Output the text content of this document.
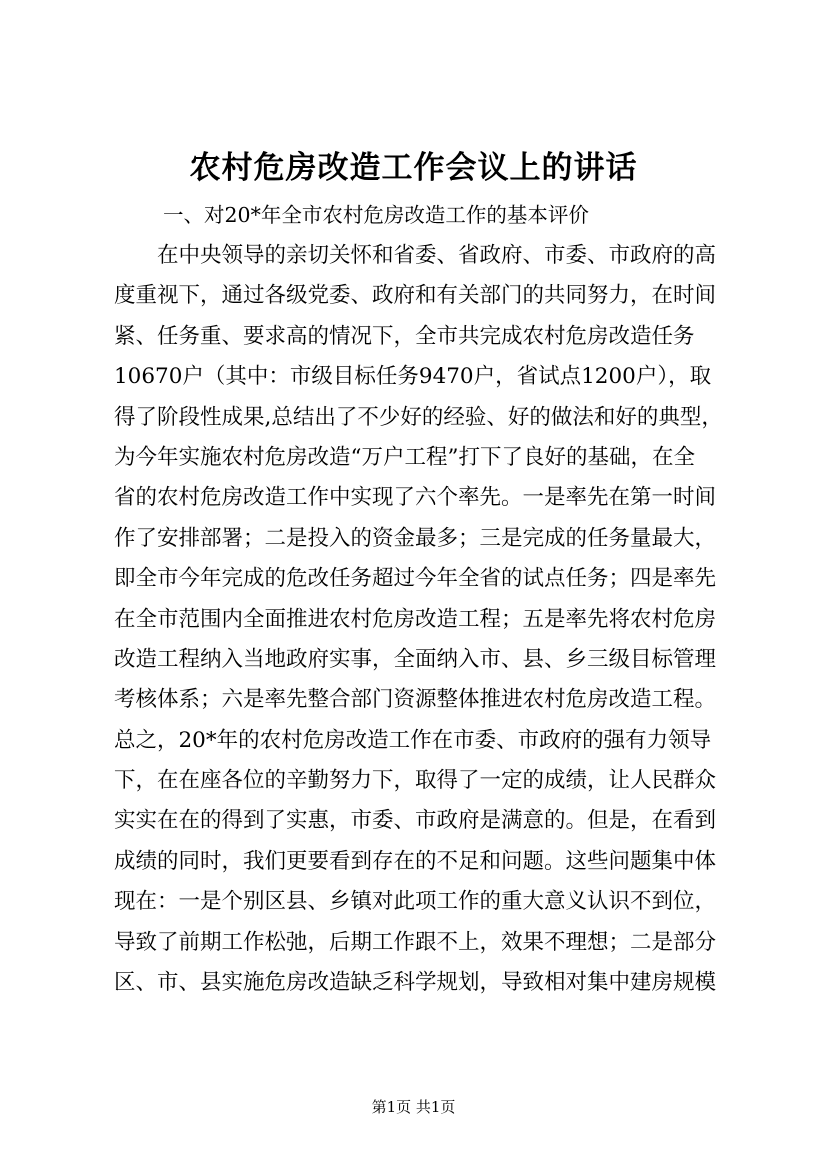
农村危房改造工作会议上的讲话

一、对20*年全市农村危房改造工作的基本评价

在中央领导的亲切关怀和省委、省政府、市委、市政府的高
度重视下，通过各级党委、政府和有关部门的共同努力，在时间
紧、任务重、要求高的情况下，全市共完成农村危房改造任务
10670户（其中：市级目标任务9470户，省试点1200户），取
得了阶段性成果,总结出了不少好的经验、好的做法和好的典型，
为今年实施农村危房改造“万户工程”打下了良好的基础，在全
省的农村危房改造工作中实现了六个率先。一是率先在第一时间
作了安排部署；二是投入的资金最多；三是完成的任务量最大，
即全市今年完成的危改任务超过今年全省的试点任务；四是率先
在全市范围内全面推进农村危房改造工程；五是率先将农村危房
改造工程纳入当地政府实事，全面纳入市、县、乡三级目标管理
考核体系；六是率先整合部门资源整体推进农村危房改造工程。
总之，20*年的农村危房改造工作在市委、市政府的强有力领导
下，在在座各位的辛勤努力下，取得了一定的成绩，让人民群众
实实在在的得到了实惠，市委、市政府是满意的。但是，在看到
成绩的同时，我们更要看到存在的不足和问题。这些问题集中体
现在：一是个别区县、乡镇对此项工作的重大意义认识不到位，
导致了前期工作松弛，后期工作跟不上，效果不理想；二是部分
区、市、县实施危房改造缺乏科学规划，导致相对集中建房规模

第1页 共1页
